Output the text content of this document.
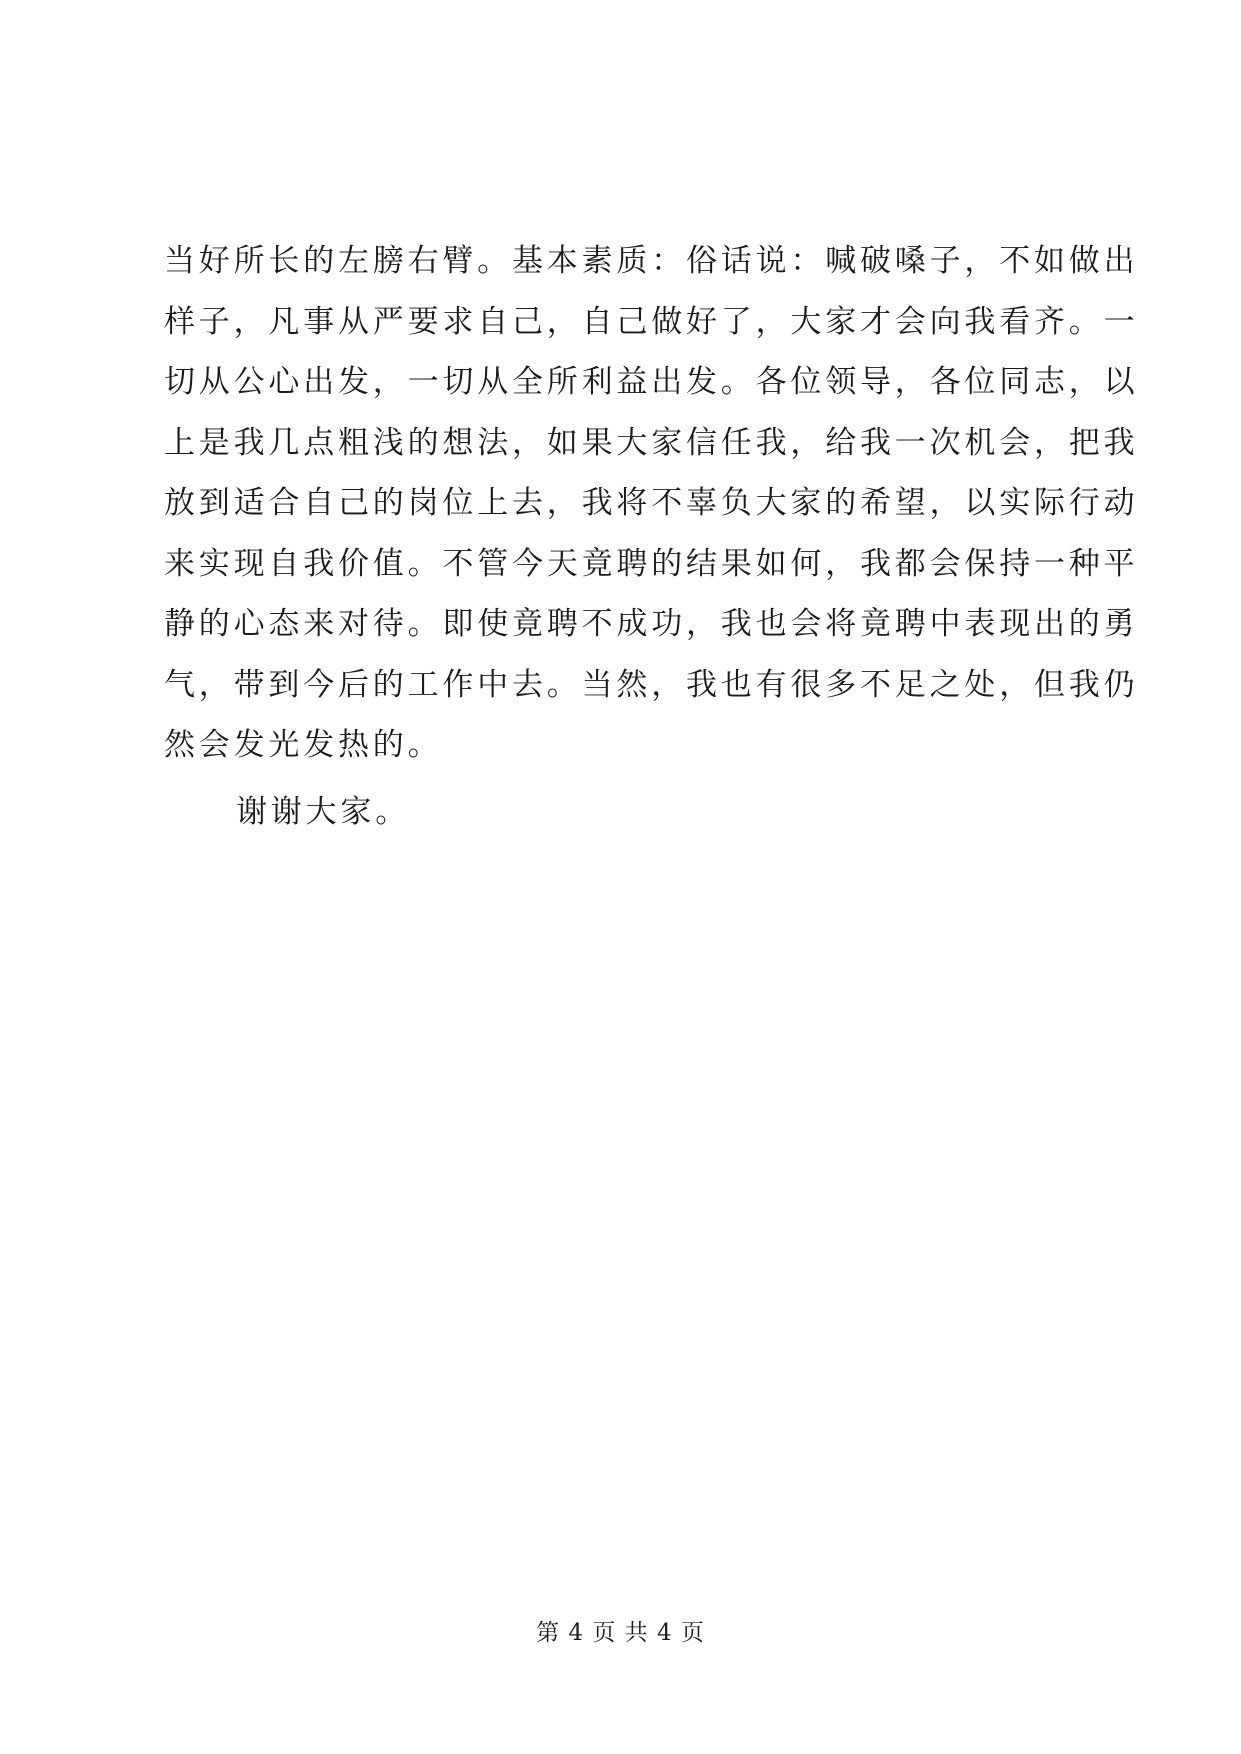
当好所长的左膀右臂。基本素质：俗话说：喊破嗓子，不如做出
样子，凡事从严要求自己，自己做好了，大家才会向我看齐。一
切从公心出发，一切从全所利益出发。各位领导，各位同志，以
上是我几点粗浅的想法，如果大家信任我，给我一次机会，把我
放到适合自己的岗位上去，我将不辜负大家的希望，以实际行动
来实现自我价值。不管今天竟聘的结果如何，我都会保持一种平
静的心态来对待。即使竟聘不成功，我也会将竟聘中表现出的勇
气，带到今后的工作中去。当然，我也有很多不足之处，但我仍
然会发光发热的。
谢谢大家。
第 4 页 共 4 页
